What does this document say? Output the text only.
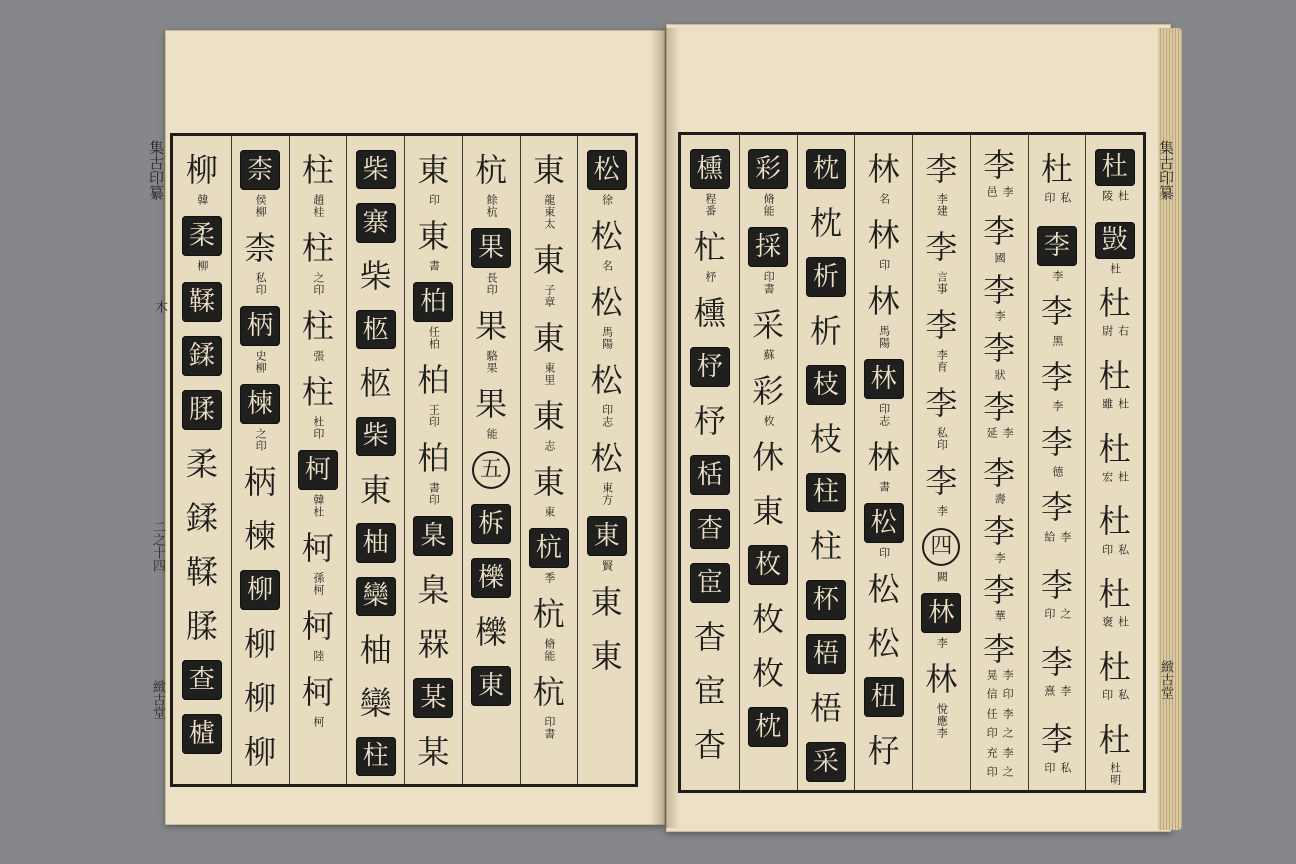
集古印纂
木
二之十四
緻古堂
集古印纂
緻古堂
松
徐
松
名
松
馬陽
松
印志
松
東方
東
賢
東
東
東
龍東太
東
子章
東
東里
東
志
東
東
杭
季
杭
脩能
杭
印書
杭
餘杭
果
長印
果
駱果
果
能
五
柝
櫟
櫟
東
東
印
東
書
柏
任柏
柏
王印
柏
書印
臬
臬
槑
某
某
柴
寨
柴
柩
柩
柴
東
柚
欒
柚
欒
柱
柱
趙桂
柱
之印
柱
張
柱
杜印
柯
韓杜
柯
孫柯
柯
陸
柯
柯
柰
侯柳
柰
私印
柄
史柳
楝
之印
柄
楝
柳
柳
柳
柳
柳
韓
柔
柳
鞣
鍒
腬
柔
鍒
鞣
腬
查
樝
杜
杜陵
敱
杜
杜
右尉
杜
杜雖
杜
杜宏
杜
私印
杜
杜褒
杜
私印
杜
杜
明
杜
私印
李
李
李
黑
李
李
李
德
李
李給
李
之印
李
李熹
李
私印
李
李邑
李
國
李
李
李
狀
李
李延
李
壽
李
李
李
華
李
李晃
印信
李任
之印
李充
之印
李
李建
李
言事
李
李育
李
私印
李
李
四
闕
林
李
林
悅
應
李
林
名
林
印
林
馬陽
林
印志
林
書
松
印
松
松
杻
杍
枕
枕
析
析
枝
枝
柱
柱
杯
梧
梧
采
彩
脩能
採
印書
采
蘇
彩
枚
休
東
枚
枚
枚
枕
櫄
程番
杧
杼
櫄
杼
杼
栝
杳
宦
杳
宦
杳
